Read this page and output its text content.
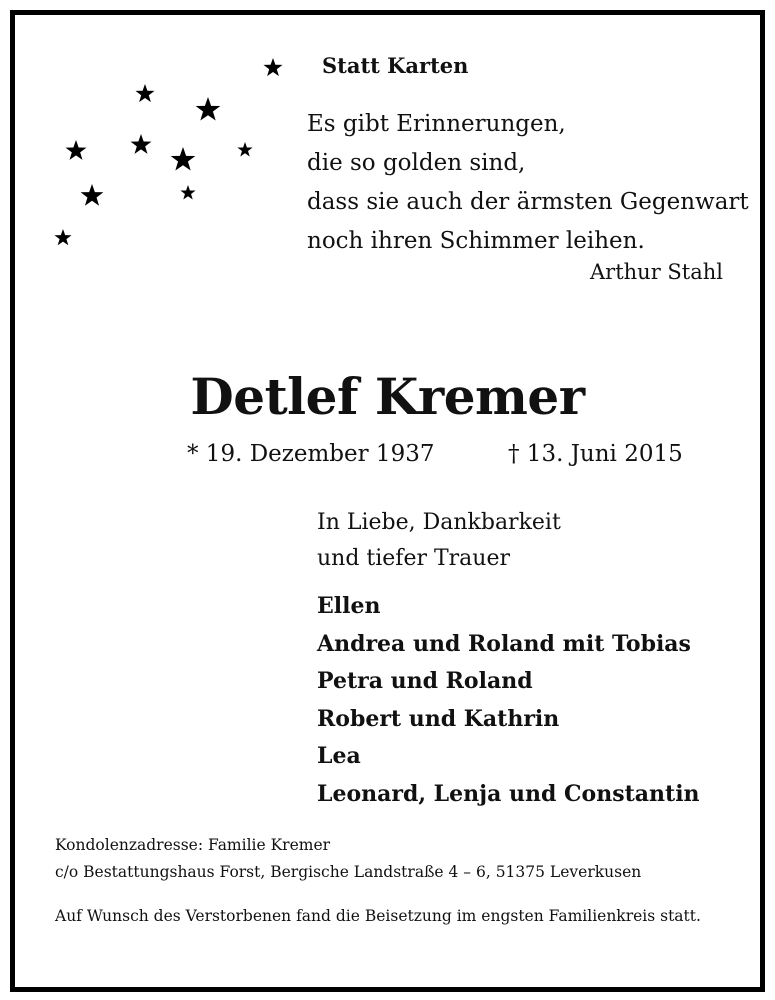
Statt Karten
Es gibt Erinnerungen,
die so golden sind,
dass sie auch der ärmsten Gegenwart
noch ihren Schimmer leihen.
Arthur Stahl
Detlef Kremer
* 19. Dezember 1937	† 13. Juni 2015
In Liebe, Dankbarkeit
und tiefer Trauer
Ellen
Andrea und Roland mit Tobias
Petra und Roland
Robert und Kathrin
Lea
Leonard, Lenja und Constantin
Kondolenzadresse: Familie Kremer
c/o Bestattungshaus Forst, Bergische Landstraße 4 – 6, 51375 Leverkusen
Auf Wunsch des Verstorbenen fand die Beisetzung im engsten Familienkreis statt.
